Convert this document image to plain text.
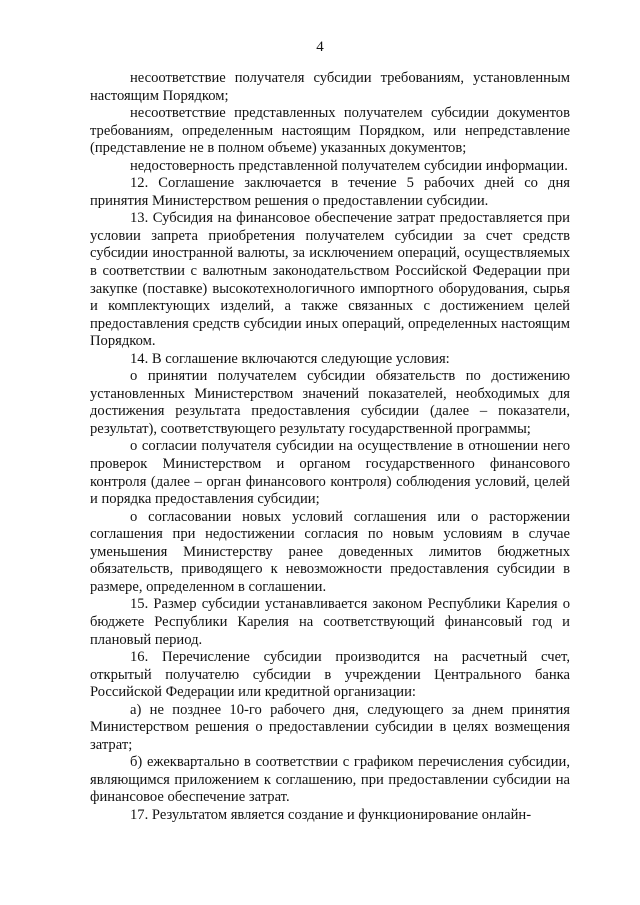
4

несоответствие получателя субсидии требованиям, установленным настоящим Порядком;

несоответствие представленных получателем субсидии документов требованиям, определенным настоящим Порядком, или непредставление (представление не в полном объеме) указанных документов;

недостоверность представленной получателем субсидии информации.

12. Соглашение заключается в течение 5 рабочих дней со дня принятия Министерством решения о предоставлении субсидии.

13. Субсидия на финансовое обеспечение затрат предоставляется при условии запрета приобретения получателем субсидии за счет средств субсидии иностранной валюты, за исключением операций, осуществляемых в соответствии с валютным законодательством Российской Федерации при закупке (поставке) высокотехнологичного импортного оборудования, сырья и комплектующих изделий, а также связанных с достижением целей предоставления средств субсидии иных операций, определенных настоящим Порядком.

14. В соглашение включаются следующие условия:

о принятии получателем субсидии обязательств по достижению установленных Министерством значений показателей, необходимых для достижения результата предоставления субсидии (далее – показатели, результат), соответствующего результату государственной программы;

о согласии получателя субсидии на осуществление в отношении него проверок Министерством и органом государственного финансового контроля (далее – орган финансового контроля) соблюдения условий, целей и порядка предоставления субсидии;

о согласовании новых условий соглашения или о расторжении соглашения при недостижении согласия по новым условиям в случае уменьшения Министерству ранее доведенных лимитов бюджетных обязательств, приводящего к невозможности предоставления субсидии в размере, определенном в соглашении.

15. Размер субсидии устанавливается законом Республики Карелия о бюджете Республики Карелия на соответствующий финансовый год и плановый период.

16. Перечисление субсидии производится на расчетный счет, открытый получателю субсидии в учреждении Центрального банка Российской Федерации или кредитной организации:

а) не позднее 10-го рабочего дня, следующего за днем принятия Министерством решения о предоставлении субсидии в целях возмещения затрат;

б) ежеквартально в соответствии с графиком перечисления субсидии, являющимся приложением к соглашению, при предоставлении субсидии на финансовое обеспечение затрат.

17. Результатом является создание и функционирование онлайн-
